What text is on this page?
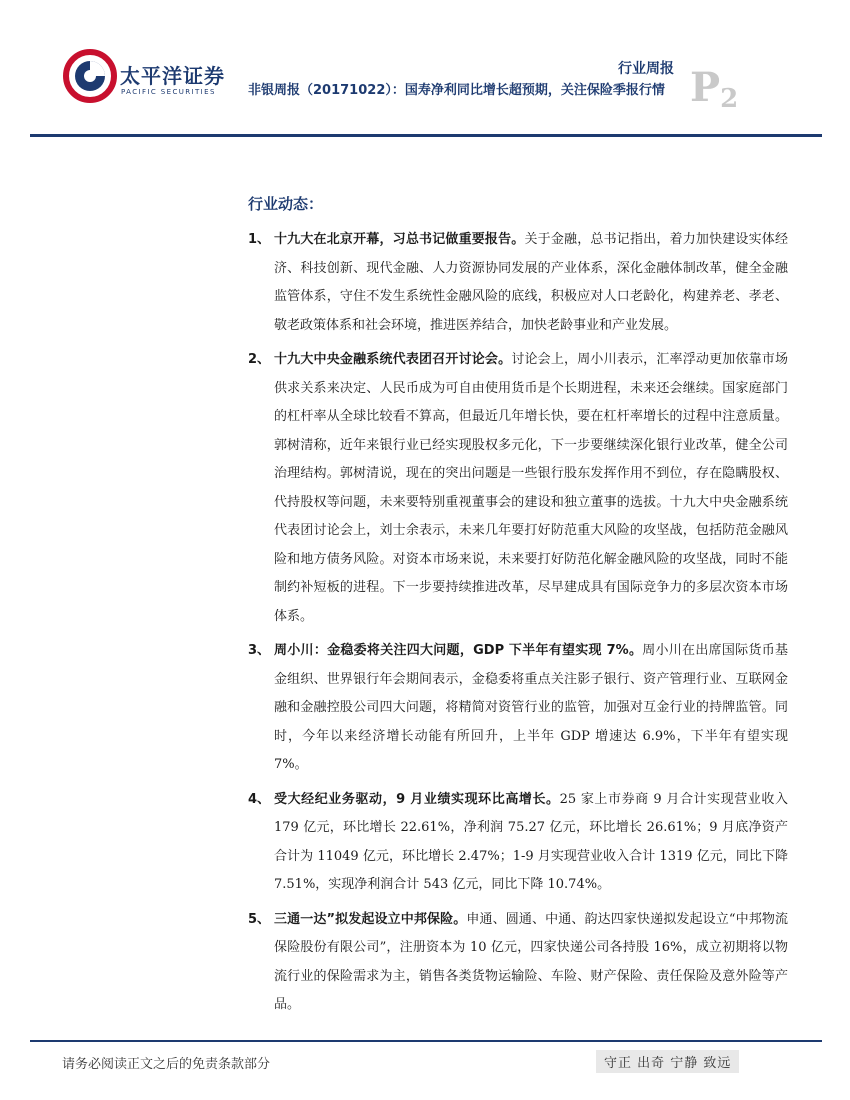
太平洋证券
PACIFIC SECURITIES
行业周报
非银周报（20171022）：国寿净利同比增长超预期，关注保险季报行情 $P_2$
行业动态：
1、 十九大在北京开幕，习总书记做重要报告。关于金融，总书记指出，着力加快建设实体经济、科技创新、现代金融、人力资源协同发展的产业体系，深化金融体制改革，健全金融监管体系，守住不发生系统性金融风险的底线，积极应对人口老龄化，构建养老、孝老、敬老政策体系和社会环境，推进医养结合，加快老龄事业和产业发展。
2、 十九大中央金融系统代表团召开讨论会。讨论会上，周小川表示，汇率浮动更加依靠市场供求关系来决定、人民币成为可自由使用货币是个长期进程，未来还会继续。国家庭部门的杠杆率从全球比较看不算高，但最近几年增长快，要在杠杆率增长的过程中注意质量。郭树清称，近年来银行业已经实现股权多元化，下一步要继续深化银行业改革，健全公司治理结构。郭树清说，现在的突出问题是一些银行股东发挥作用不到位，存在隐瞒股权、代持股权等问题，未来要特别重视董事会的建设和独立董事的选拔。十九大中央金融系统代表团讨论会上，刘士余表示，未来几年要打好防范重大风险的攻坚战，包括防范金融风险和地方债务风险。对资本市场来说，未来要打好防范化解金融风险的攻坚战，同时不能制约补短板的进程。下一步要持续推进改革，尽早建成具有国际竞争力的多层次资本市场体系。
3、 周小川：金稳委将关注四大问题，GDP 下半年有望实现 7%。周小川在出席国际货币基金组织、世界银行年会期间表示，金稳委将重点关注影子银行、资产管理行业、互联网金融和金融控股公司四大问题，将精简对资管行业的监管，加强对互金行业的持牌监管。同时，今年以来经济增长动能有所回升，上半年 GDP 增速达 6.9%，下半年有望实现 7%。
4、 受大经纪业务驱动，9 月业绩实现环比高增长。25 家上市券商 9 月合计实现营业收入 179 亿元，环比增长 22.61%，净利润 75.27 亿元，环比增长 26.61%；9 月底净资产合计为 11049 亿元，环比增长 2.47%；1-9 月实现营业收入合计 1319 亿元，同比下降 7.51%，实现净利润合计 543 亿元，同比下降 10.74%。
5、 三通一达”拟发起设立中邦保险。申通、圆通、中通、韵达四家快递拟发起设立“中邦物流保险股份有限公司”，注册资本为 10 亿元，四家快递公司各持股 16%，成立初期将以物流行业的保险需求为主，销售各类货物运输险、车险、财产保险、责任保险及意外险等产品。
请务必阅读正文之后的免责条款部分	守正 出奇 宁静 致远
